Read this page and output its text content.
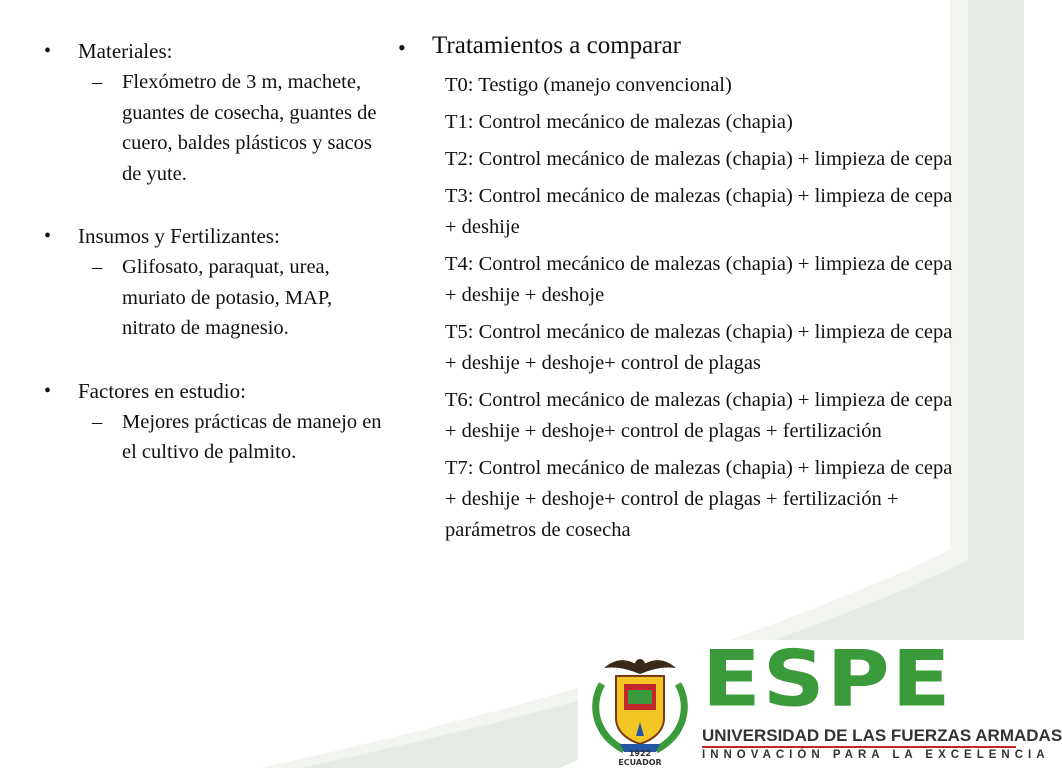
•	Materiales:
– Flexómetro de 3 m, machete, guantes de cosecha, guantes de cuero, baldes plásticos y sacos de yute.
•	Insumos y Fertilizantes:
– Glifosato, paraquat, urea, muriato de potasio, MAP, nitrato de magnesio.
•	Factores en estudio:
– Mejores prácticas de manejo en el cultivo de palmito.
•	Tratamientos a comparar
T0: Testigo (manejo convencional)
T1: Control mecánico de malezas (chapia)
T2: Control mecánico de malezas (chapia) + limpieza de cepa
T3: Control mecánico de malezas (chapia) + limpieza de cepa + deshije
T4: Control mecánico de malezas (chapia) + limpieza de cepa + deshije + deshoje
T5: Control mecánico de malezas (chapia) + limpieza de cepa + deshije + deshoje+ control de plagas
T6: Control mecánico de malezas (chapia) + limpieza de cepa + deshije + deshoje+ control de plagas + fertilización
T7: Control mecánico de malezas (chapia) + limpieza de cepa + deshije + deshoje+ control de plagas + fertilización + parámetros de cosecha
1922
ECUADOR
ESPE
UNIVERSIDAD DE LAS FUERZAS ARMADAS
INNOVACIÓN PARA LA EXCELENCIA
